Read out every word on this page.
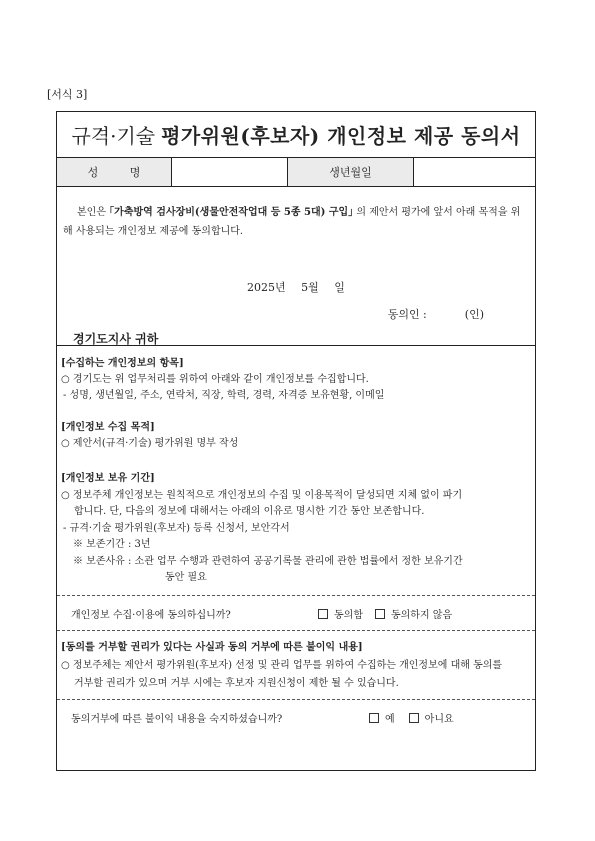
[서식 3]
규격·기술 평가위원(후보자) 개인정보 제공 동의서
성 명	생년월일
본인은 ｢가축방역 검사장비(생물안전작업대 등 5종 5대) 구입｣ 의 제안서 평가에 앞서 아래 목적을 위해 사용되는 개인정보 제공에 동의합니다.
2025년 5월 일
동의인 :	(인)
경기도지사 귀하
[수집하는 개인정보의 항목]
○ 경기도는 위 업무처리를 위하여 아래와 같이 개인정보를 수집합니다.
- 성명, 생년월일, 주소, 연락처, 직장, 학력, 경력, 자격증 보유현황, 이메일
[개인정보 수집 목적]
○ 제안서(규격·기술) 평가위원 명부 작성
[개인정보 보유 기간]
○ 정보주체 개인정보는 원칙적으로 개인정보의 수집 및 이용목적이 달성되면 지체 없이 파기
합니다. 단, 다음의 정보에 대해서는 아래의 이유로 명시한 기간 동안 보존합니다.
- 규격·기술 평가위원(후보자) 등록 신청서, 보안각서
※ 보존기간 : 3년
※ 보존사유 : 소관 업무 수행과 관련하여 공공기록물 관리에 관한 법률에서 정한 보유기간
동안 필요
개인정보 수집·이용에 동의하십니까?	동의함	동의하지 않음
[동의를 거부할 권리가 있다는 사실과 동의 거부에 따른 불이익 내용]
○ 정보주체는 제안서 평가위원(후보자) 선정 및 관리 업무를 위하여 수집하는 개인정보에 대해 동의를
거부할 권리가 있으며 거부 시에는 후보자 지원신청이 제한 될 수 있습니다.
동의거부에 따른 불이익 내용을 숙지하셨습니까?	예	아니요
